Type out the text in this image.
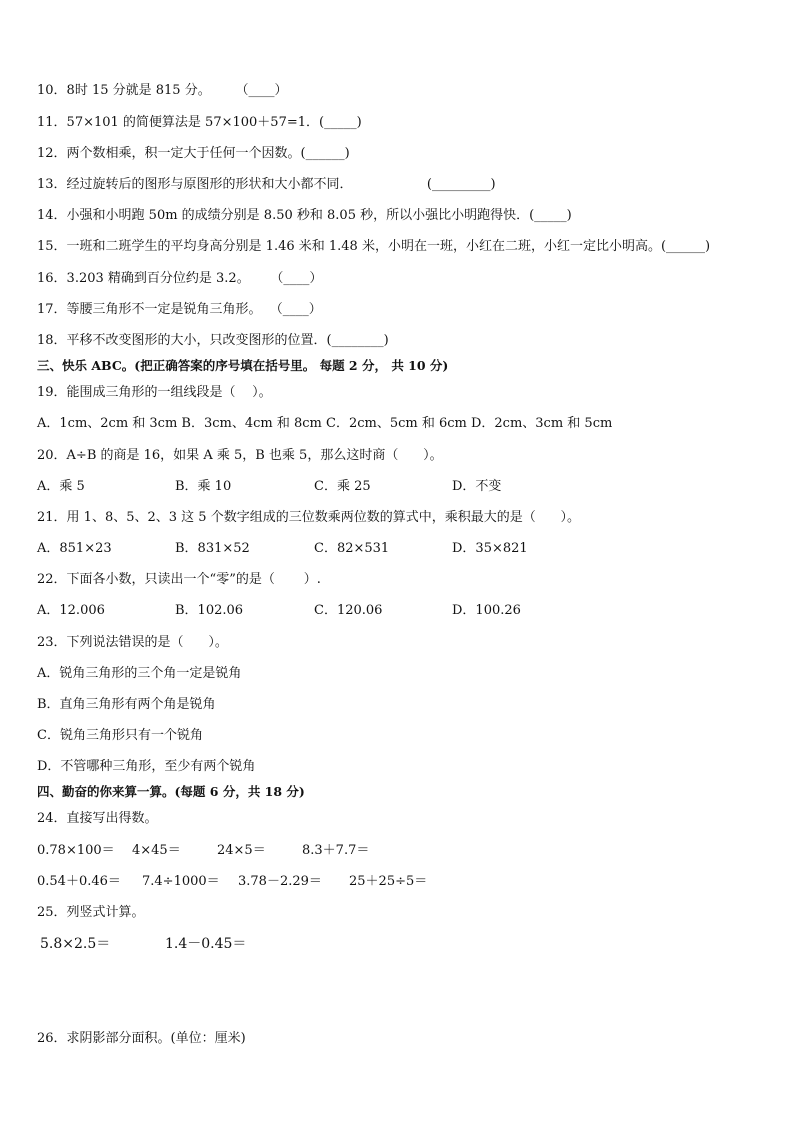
10．8时 15 分就是 815 分。      （____）
11．57×101 的简便算法是 57×100＋57=1．(_____)
12．两个数相乘，积一定大于任何一个因数。(______)
13．经过旋转后的图形与原图形的形状和大小都不同．                  (_________)
14．小强和小明跑 50m 的成绩分别是 8.50 秒和 8.05 秒，所以小强比小明跑得快．(_____)
15．一班和二班学生的平均身高分别是 1.46 米和 1.48 米，小明在一班，小红在二班，小红一定比小明高。(______)
16．3.203 精确到百分位约是 3.2。     （____）
17．等腰三角形不一定是锐角三角形。  （____）
18．平移不改变图形的大小，只改变图形的位置．(________)
三、快乐 ABC。(把正确答案的序号填在括号里。 每题 2 分， 共 10 分)
19．能围成三角形的一组线段是（    ）。
A．1cm、2cm 和 3cm B．3cm、4cm 和 8cm C．2cm、5cm 和 6cm D．2cm、3cm 和 5cm
20．A÷B 的商是 16，如果 A 乘 5，B 也乘 5，那么这时商（      ）。
A．乘 5	B．乘 10	C．乘 25	D．不变
21．用 1、8、5、2、3 这 5 个数字组成的三位数乘两位数的算式中，乘积最大的是（      ）。
A．851×23	B．831×52	C．82×531	D．35×821
22．下面各小数，只读出一个“零”的是（       ）.
A．12.006	B．102.06	C．120.06	D．100.26
23．下列说法错误的是（      ）。
A．锐角三角形的三个角一定是锐角
B．直角三角形有两个角是锐角
C．锐角三角形只有一个锐角
D．不管哪种三角形，至少有两个锐角
四、勤奋的你来算一算。(每题 6 分，共 18 分)
24．直接写出得数。
0.78×100＝ 4×45＝	24×5＝	8.3＋7.7＝
0.54＋0.46＝ 7.4÷1000＝ 3.78－2.29＝ 25＋25÷5＝
25．列竖式计算。
5.8×2.5＝	1.4－0.45＝
26．求阴影部分面积。(单位：厘米)
